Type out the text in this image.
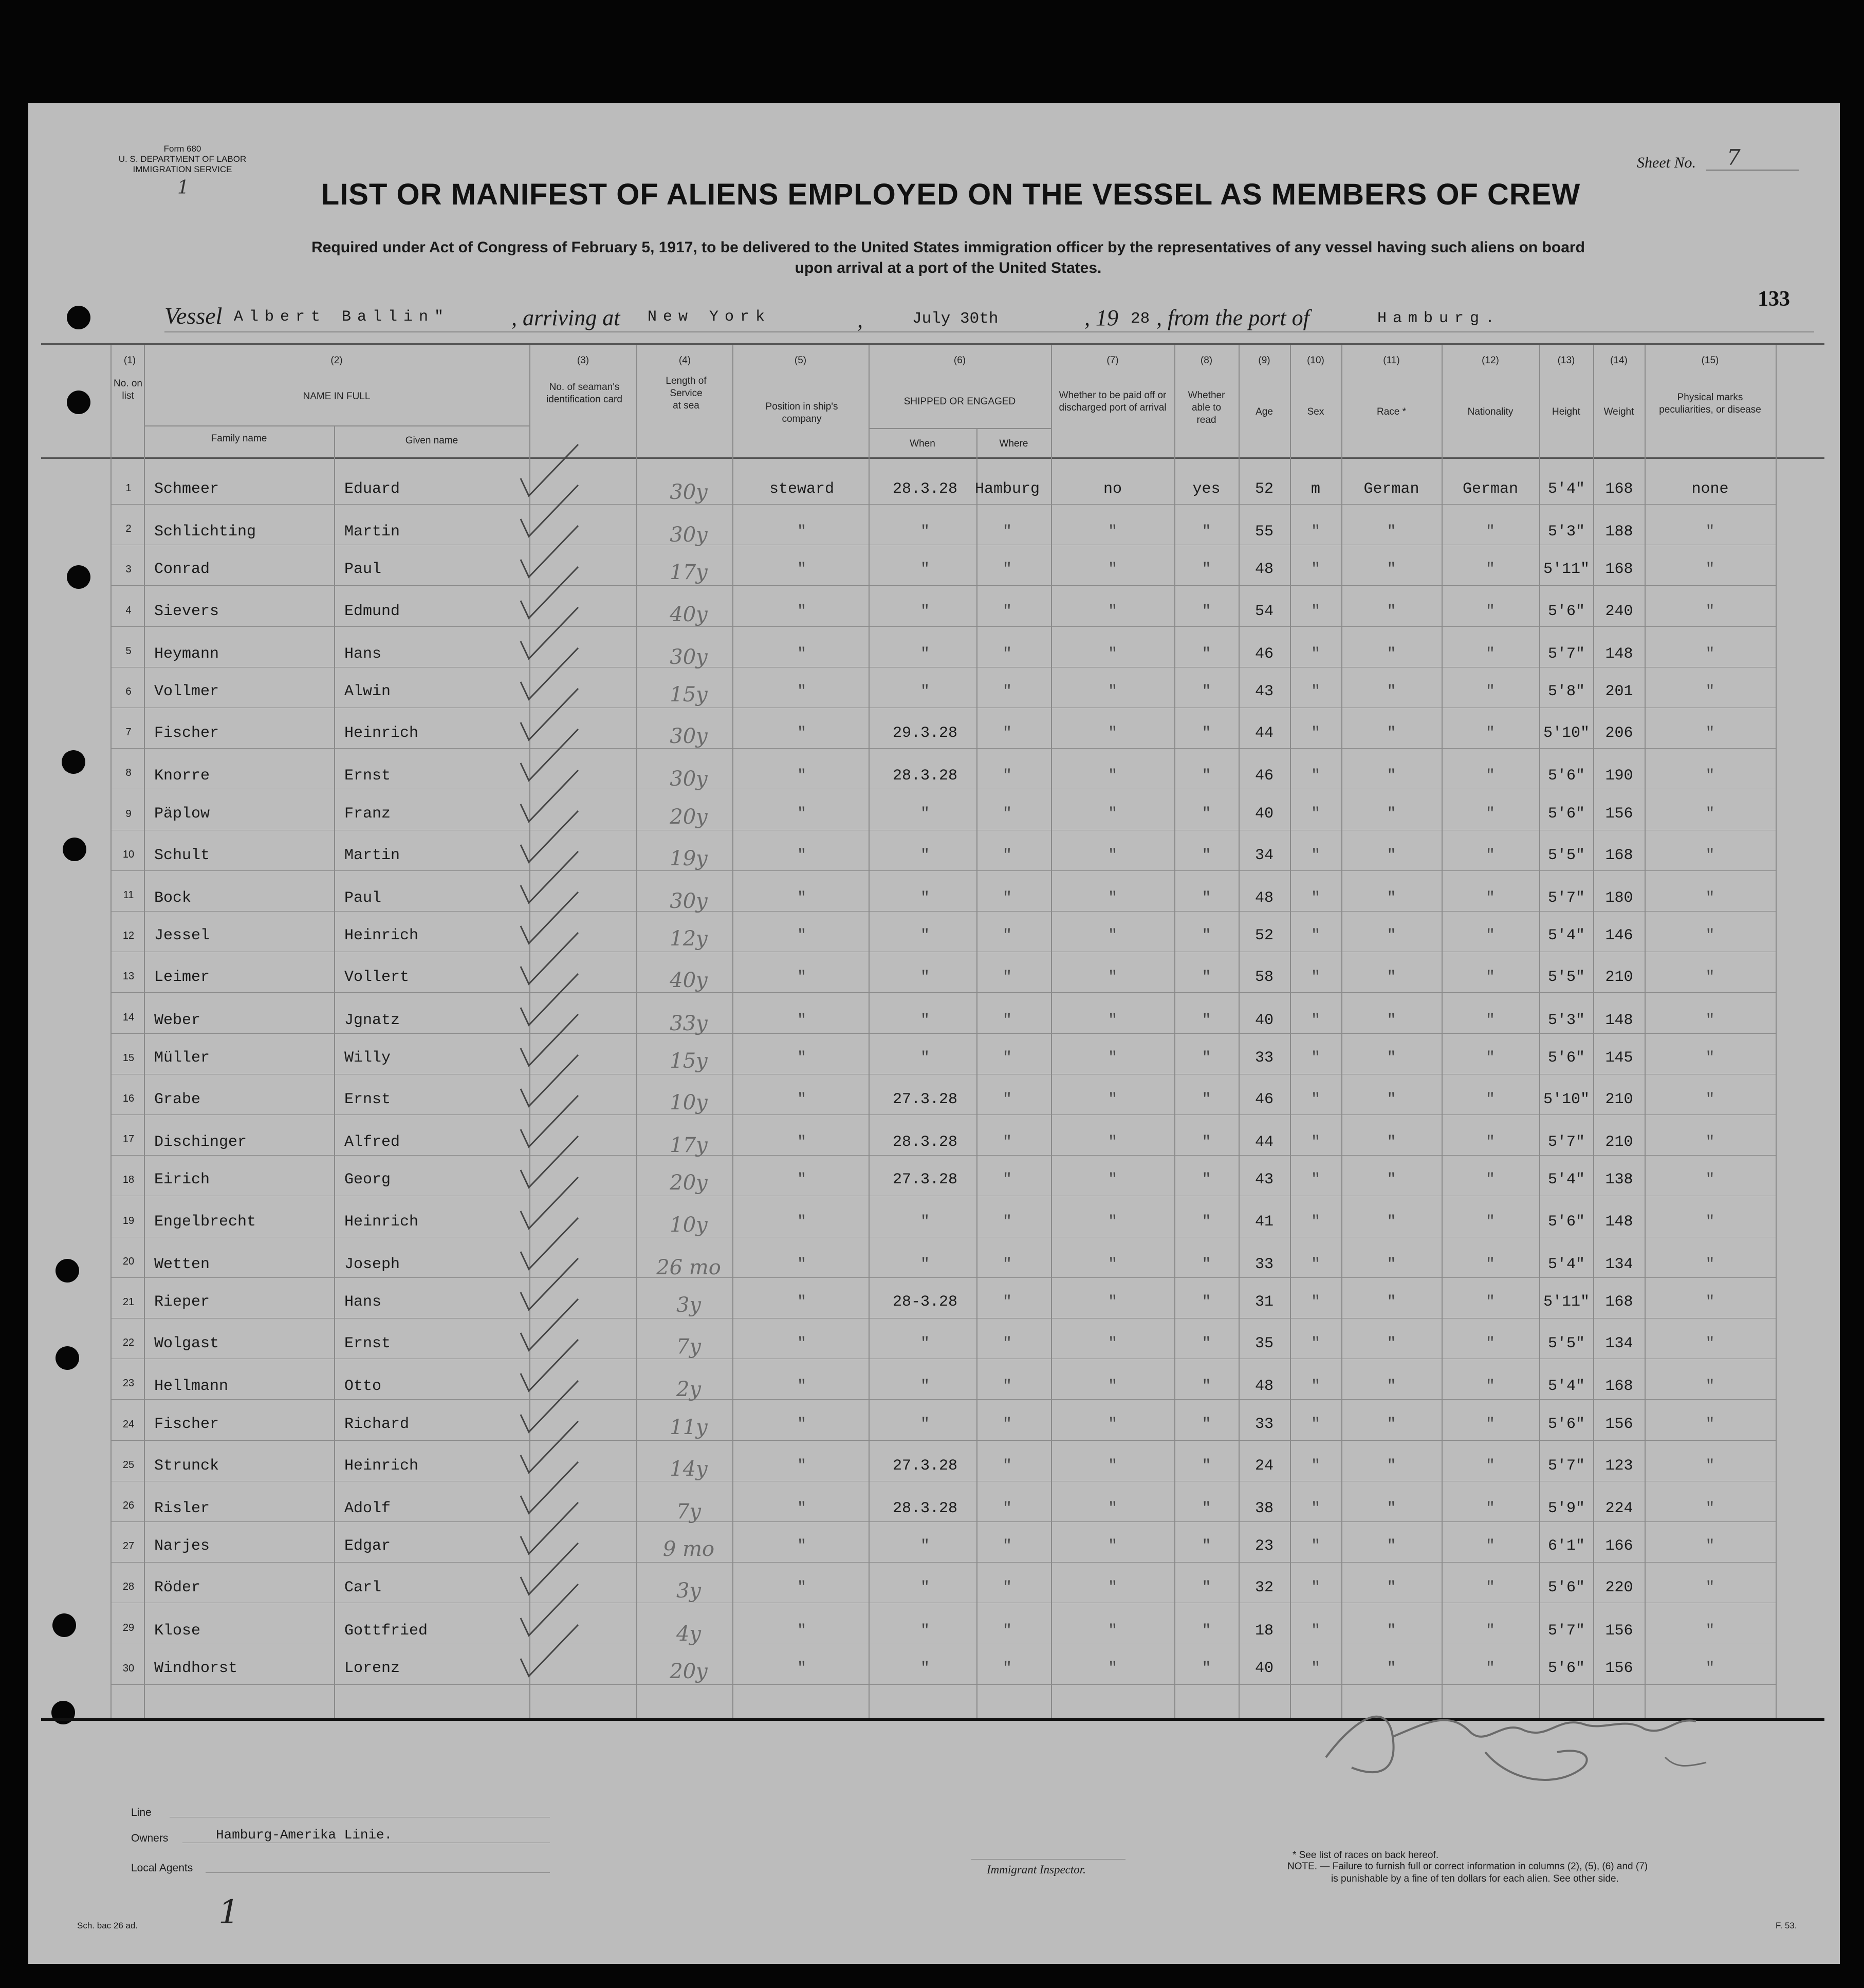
Form 680
U. S. DEPARTMENT OF LABOR
IMMIGRATION SERVICE
1
Sheet No. 7
LIST OR MANIFEST OF ALIENS EMPLOYED ON THE VESSEL AS MEMBERS OF CREW
Required under Act of Congress of February 5, 1917, to be delivered to the United States immigration officer by the representatives of any vessel having such aliens on board
upon arrival at a port of the United States.
133
Vessel Albert Ballin"	, arriving at New York	,	July 30th	, 19 28 , from the port of	Hamburg.
(1)
No. on list
(2)
NAME IN FULL
Family name	Given name
(3)
No. of seaman's identification card
(4)
Length of Service at sea
(5)
Position in ship's company
(6)
SHIPPED OR ENGAGED
When	Where
(7)
Whether to be paid off or discharged port of arrival
(8)
Whether able to read
(9)
Age
(10)
Sex
(11)
Race *
(12)
Nationality
(13)
Height
(14)
Weight
(15)
Physical marks peculiarities, or disease
1	Schmeer	Eduard	30y	steward	28.3.28	Hamburg	no	yes	52	m	German	German	5'4"	168	none
2	Schlichting	Martin	30y	"	"	"	"	"	55	"	"	"	5'3"	188	"
3	Conrad	Paul	17y	"	"	"	"	"	48	"	"	"	5'11"	168	"
4	Sievers	Edmund	40y	"	"	"	"	"	54	"	"	"	5'6"	240	"
5	Heymann	Hans	30y	"	"	"	"	"	46	"	"	"	5'7"	148	"
6	Vollmer	Alwin	15y	"	"	"	"	"	43	"	"	"	5'8"	201	"
7	Fischer	Heinrich	30y	"	29.3.28	"	"	"	44	"	"	"	5'10"	206	"
8	Knorre	Ernst	30y	"	28.3.28	"	"	"	46	"	"	"	5'6"	190	"
9	Päplow	Franz	20y	"	"	"	"	"	40	"	"	"	5'6"	156	"
10	Schult	Martin	19y	"	"	"	"	"	34	"	"	"	5'5"	168	"
11	Bock	Paul	30y	"	"	"	"	"	48	"	"	"	5'7"	180	"
12	Jessel	Heinrich	12y	"	"	"	"	"	52	"	"	"	5'4"	146	"
13	Leimer	Vollert	40y	"	"	"	"	"	58	"	"	"	5'5"	210	"
14	Weber	Jgnatz	33y	"	"	"	"	"	40	"	"	"	5'3"	148	"
15	Müller	Willy	15y	"	"	"	"	"	33	"	"	"	5'6"	145	"
16	Grabe	Ernst	10y	"	27.3.28	"	"	"	46	"	"	"	5'10"	210	"
17	Dischinger	Alfred	17y	"	28.3.28	"	"	"	44	"	"	"	5'7"	210	"
18	Eirich	Georg	20y	"	27.3.28	"	"	"	43	"	"	"	5'4"	138	"
19	Engelbrecht	Heinrich	10y	"	"	"	"	"	41	"	"	"	5'6"	148	"
20	Wetten	Joseph	26 mo	"	"	"	"	"	33	"	"	"	5'4"	134	"
21	Rieper	Hans	3y	"	28-3.28	"	"	"	31	"	"	"	5'11"	168	"
22	Wolgast	Ernst	7y	"	"	"	"	"	35	"	"	"	5'5"	134	"
23	Hellmann	Otto	2y	"	"	"	"	"	48	"	"	"	5'4"	168	"
24	Fischer	Richard	11y	"	"	"	"	"	33	"	"	"	5'6"	156	"
25	Strunck	Heinrich	14y	"	27.3.28	"	"	"	24	"	"	"	5'7"	123	"
26	Risler	Adolf	7y	"	28.3.28	"	"	"	38	"	"	"	5'9"	224	"
27	Narjes	Edgar	9 mo	"	"	"	"	"	23	"	"	"	6'1"	166	"
28	Röder	Carl	3y	"	"	"	"	"	32	"	"	"	5'6"	220	"
29	Klose	Gottfried	4y	"	"	"	"	"	18	"	"	"	5'7"	156	"
30	Windhorst	Lorenz	20y	"	"	"	"	"	40	"	"	"	5'6"	156	"
Line
Owners	Hamburg-Amerika Linie.
Local Agents	Immigrant Inspector.
* See list of races on back hereof.
NOTE. — Failure to furnish full or correct information in columns (2), (5), (6) and (7)
is punishable by a fine of ten dollars for each alien. See other side.
Sch. bac 26 ad.	F. 53.
1
